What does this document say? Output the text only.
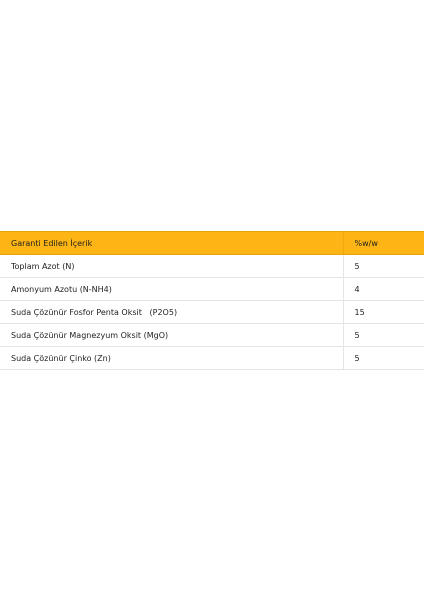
Garanti Edilen İçerik	%w/w
Toplam Azot (N)	5
Amonyum Azotu (N-NH4)	4
Suda Çözünür Fosfor Penta Oksit   (P2O5)	15
Suda Çözünür Magnezyum Oksit (MgO)	5
Suda Çözünür Çinko (Zn)	5
